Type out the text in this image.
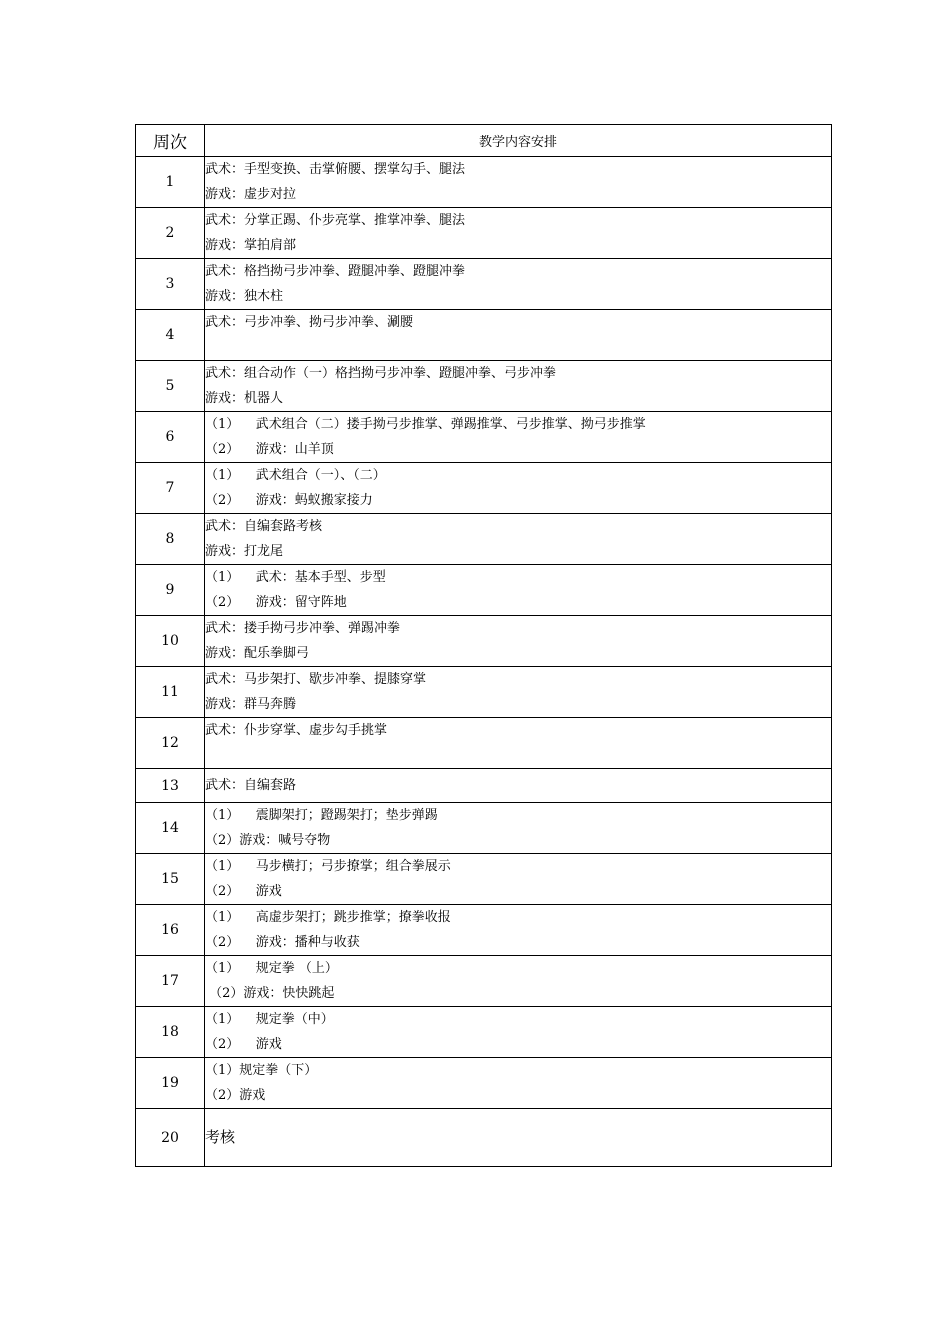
周次	教学内容安排
1	武术：手型变换、击掌俯腰、摆掌勾手、腿法
游戏：虚步对拉

2	武术：分掌正踢、仆步亮掌、推掌冲拳、腿法
游戏：掌拍肩部

3	武术：格挡拗弓步冲拳、蹬腿冲拳、蹬腿冲拳
游戏：独木柱

4	武术：弓步冲拳、拗弓步冲拳、涮腰

5	武术：组合动作（一）格挡拗弓步冲拳、蹬腿冲拳、弓步冲拳
游戏：机器人

6	（1）    武术组合（二）搂手拗弓步推掌、弹踢推掌、弓步推掌、拗弓步推掌
（2）    游戏：山羊顶

7	（1）    武术组合（一）、（二）
（2）    游戏：蚂蚁搬家接力

8	武术：自编套路考核
游戏：打龙尾

9	（1）    武术：基本手型、步型
（2）    游戏：留守阵地

10	武术：搂手拗弓步冲拳、弹踢冲拳
游戏：配乐拳脚弓

11	武术：马步架打、歇步冲拳、提膝穿掌
游戏：群马奔腾

12	武术：仆步穿掌、虚步勾手挑掌

13	武术：自编套路

14	（1）    震脚架打；蹬踢架打；垫步弹踢
（2）游戏：喊号夺物

15	（1）    马步横打；弓步撩掌；组合拳展示
（2）    游戏

16	（1）    高虚步架打；跳步推掌；撩拳收报
（2）    游戏：播种与收获

17	（1）    规定拳 （上）
（2）游戏：快快跳起

18	（1）    规定拳（中）
（2）    游戏

19	（1）规定拳（下）
（2）游戏

20	考核
